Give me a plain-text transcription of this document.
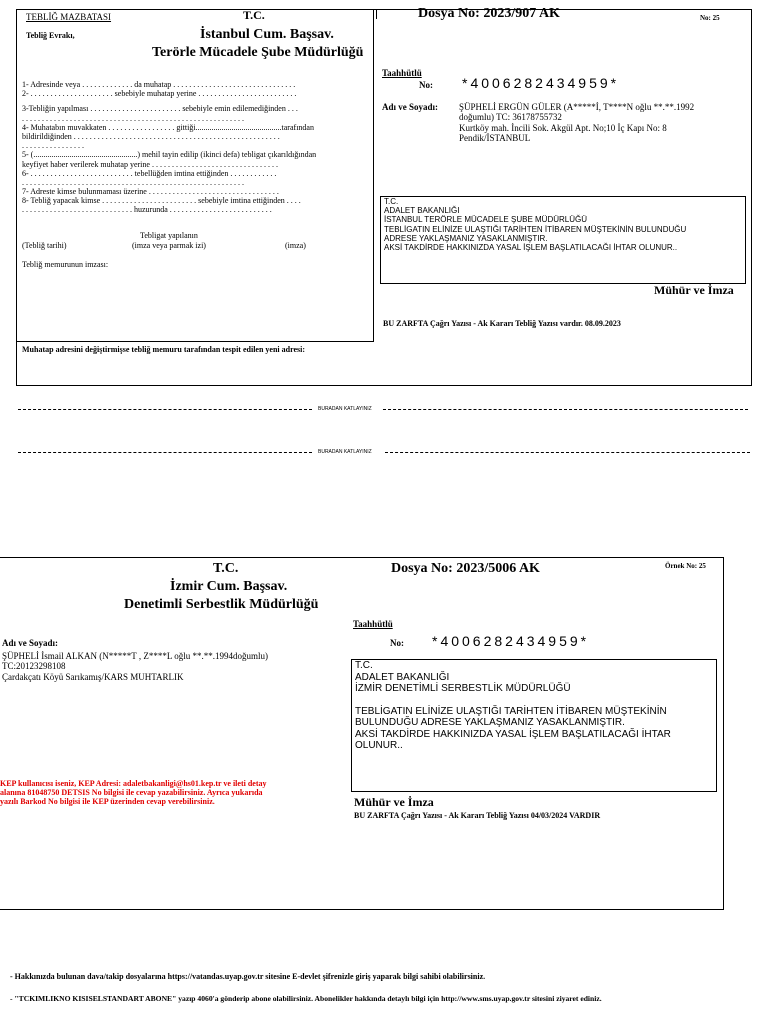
TEBLİĞ MAZBATASI	T.C.
Tebliğ Evrakı,	İstanbul Cum. Başsav.
Terörle Mücadele Şube Müdürlüğü
Dosya No: 2023/907 AK	No: 25
1- Adresinde veya . . . . . . . . . . . . . da muhatap . . . . . . . . . . . . . . . . . . . . . . . . . . . . . . .
2- . . . . . . . . . . . . . . . . . . . . . sebebiyle muhatap yerine . . . . . . . . . . . . . . . . . . . . . . . . .
3-Tebliğin yapılması . . . . . . . . . . . . . . . . . . . . . . . sebebiyle emin edilemediğinden . . .
. . . . . . . . . . . . . . . . . . . . . . . . . . . . . . . . . . . . . . . . . . . . . . . . . . . . . . . .
4- Muhatabın muvakkaten . . . . . . . . . . . . . . . . . gittiği...........................................tarafından
bildirildiğinden . . . . . . . . . . . . . . . . . . . . . . . . . . . . . . . . . . . . . . . . . . . . . . . . . . . .
. . . . . . . . . . . . . . . .
5- (....................................................) mehil tayin edilip (ikinci defa) tebligat çıkarıldığından
keyfiyet haber verilerek muhatap yerine . . . . . . . . . . . . . . . . . . . . . . . . . . . . . . . .
6- . . . . . . . . . . . . . . . . . . . . . . . . . . tebellüğden imtina ettiğinden . . . . . . . . . . . .
. . . . . . . . . . . . . . . . . . . . . . . . . . . . . . . . . . . . . . . . . . . . . . . . . . . . . . . .
7- Adreste kimse bulunmaması üzerine . . . . . . . . . . . . . . . . . . . . . . . . . . . . . . . . .
8- Tebliğ yapacak kimse . . . . . . . . . . . . . . . . . . . . . . . . sebebiyle imtina ettiğinden . . . .
. . . . . . . . . . . . . . . . . . . . . . . . . . . . huzurunda . . . . . . . . . . . . . . . . . . . . . . . . . .
Tebligat yapılanın
(Tebliğ tarihi)	(imza veya parmak izi)	(imza)
Tebliğ memurunun imzası:
Muhatap adresini değiştirmişse tebliğ memuru tarafından tespit edilen yeni adresi:
Taahhütlü
No: *4006282434959*
Adı ve Soyadı: ŞÜPHELİ ERGÜN GÜLER (A*****İ, T****N oğlu **.**.1992
doğumlu) TC: 36178755732
Kurtköy mah. İncili Sok. Akgül Apt. No;10 İç Kapı No: 8
Pendik/İSTANBUL
T.C.
ADALET BAKANLIĞI
İSTANBUL TERÖRLE MÜCADELE ŞUBE MÜDÜRLÜĞÜ
TEBLİGATIN ELİNİZE ULAŞTIĞI TARİHTEN İTİBAREN MÜŞTEKİNİN BULUNDUĞU
ADRESE YAKLAŞMANIZ YASAKLANMIŞTIR.
AKSİ TAKDİRDE HAKKINIZDA YASAL İŞLEM BAŞLATILACAĞI İHTAR OLUNUR..
Mühür ve İmza
BU ZARFTA Çağrı Yazısı - Ak Kararı Tebliğ Yazısı vardır. 08.09.2023
BURADAN KATLAYINIZ
BURADAN KATLAYINIZ
T.C.
İzmir Cum. Başsav.
Denetimli Serbestlik Müdürlüğü
Dosya No: 2023/5006 AK	Örnek No: 25
Adı ve Soyadı:
ŞÜPHELİ İsmail ALKAN (N*****T , Z****L oğlu **.**.1994doğumlu)
TC:20123298108
Çardakçatı Köyü Sarıkamış/KARS MUHTARLIK
Taahhütlü
No: *4006282434959*
T.C.
ADALET BAKANLIĞI
İZMİR DENETİMLİ SERBESTLİK MÜDÜRLÜĞÜ
TEBLİGATIN ELİNİZE ULAŞTIĞI TARİHTEN İTİBAREN MÜŞTEKİNİN
BULUNDUĞU ADRESE YAKLAŞMANIZ YASAKLANMIŞTIR.
AKSİ TAKDİRDE HAKKINIZDA YASAL İŞLEM BAŞLATILACAĞI İHTAR
OLUNUR..
KEP kullanıcısı iseniz, KEP Adresi: adaletbakanligi@hs01.kep.tr ve ileti detay
alanına 81048750 DETSIS No bilgisi ile cevap yazabilirsiniz. Ayrıca yukarıda
yazılı Barkod No bilgisi ile KEP üzerinden cevap verebilirsiniz.	Mühür ve İmza
BU ZARFTA Çağrı Yazısı - Ak Kararı Tebliğ Yazısı 04/03/2024 VARDIR
- Hakkınızda bulunan dava/takip dosyalarına https://vatandas.uyap.gov.tr sitesine E-devlet şifrenizle giriş yaparak bilgi sahibi olabilirsiniz.
- "TCKIMLIKNO KISISELSTANDART ABONE" yazıp 4060'a gönderip abone olabilirsiniz. Abonelikler hakkında detaylı bilgi için http://www.sms.uyap.gov.tr sitesini ziyaret ediniz.
